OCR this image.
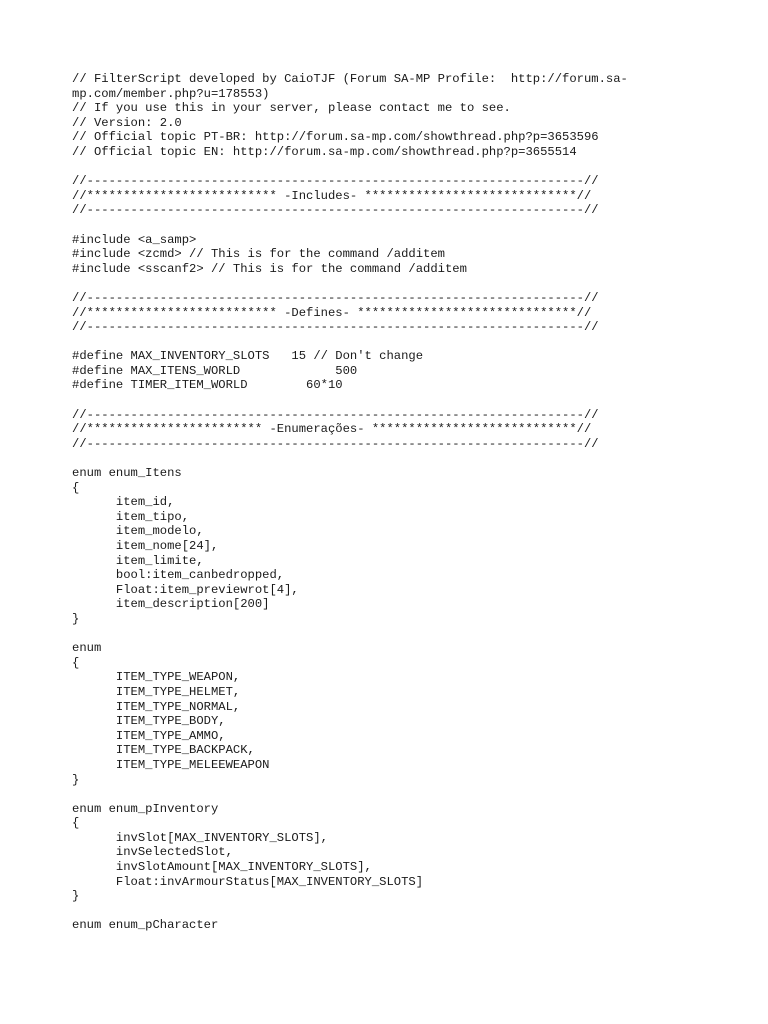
// FilterScript developed by CaioTJF (Forum SA-MP Profile:  http://forum.sa-
mp.com/member.php?u=178553)
// If you use this in your server, please contact me to see.
// Version: 2.0
// Official topic PT-BR: http://forum.sa-mp.com/showthread.php?p=3653596
// Official topic EN: http://forum.sa-mp.com/showthread.php?p=3655514
//--------------------------------------------------------------------//
//************************** -Includes- *****************************//
//--------------------------------------------------------------------//
#include <a_samp>
#include <zcmd> // This is for the command /additem
#include <sscanf2> // This is for the command /additem
//--------------------------------------------------------------------//
//************************** -Defines- ******************************//
//--------------------------------------------------------------------//
#define MAX_INVENTORY_SLOTS   15 // Don't change
#define MAX_ITENS_WORLD             500
#define TIMER_ITEM_WORLD        60*10
//--------------------------------------------------------------------//
//************************ -Enumerações- ****************************//
//--------------------------------------------------------------------//
enum enum_Itens
{
item_id,
item_tipo,
item_modelo,
item_nome[24],
item_limite,
bool:item_canbedropped,
Float:item_previewrot[4],
item_description[200]
}
enum
{
ITEM_TYPE_WEAPON,
ITEM_TYPE_HELMET,
ITEM_TYPE_NORMAL,
ITEM_TYPE_BODY,
ITEM_TYPE_AMMO,
ITEM_TYPE_BACKPACK,
ITEM_TYPE_MELEEWEAPON
}
enum enum_pInventory
{
invSlot[MAX_INVENTORY_SLOTS],
invSelectedSlot,
invSlotAmount[MAX_INVENTORY_SLOTS],
Float:invArmourStatus[MAX_INVENTORY_SLOTS]
}
enum enum_pCharacter
